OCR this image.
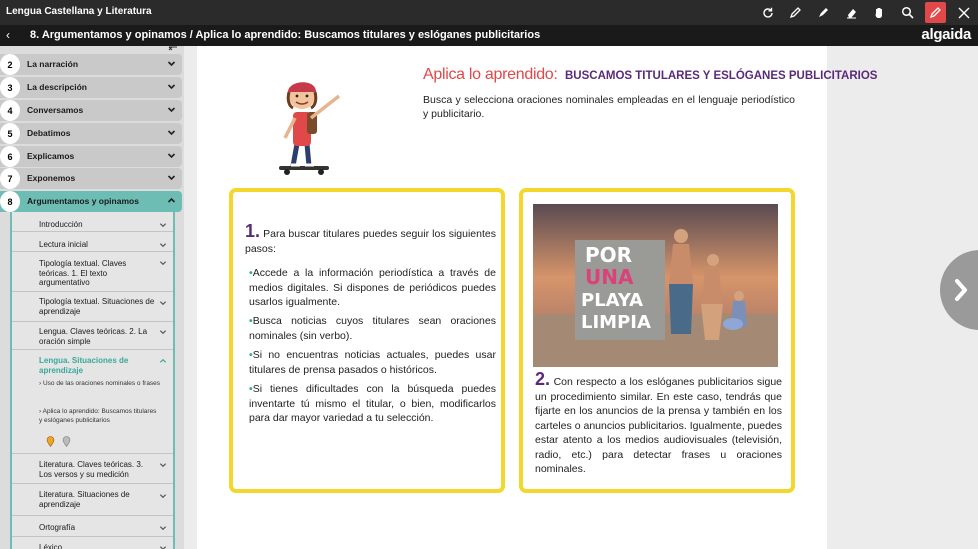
Lengua Castellana y Literatura
‹ 8. Argumentamos y opinamos / Aplica lo aprendido: Buscamos titulares y eslóganes publicitarios	algaida
2	La narración
3	La descripción
4	Conversamos
5	Debatimos
6	Explicamos
7	Exponemos
8	Argumentamos y opinamos
Introducción
Lectura inicial
Tipología textual. Claves teóricas. 1. El texto argumentativo
Tipología textual. Situaciones de aprendizaje
Lengua. Claves teóricas. 2. La oración simple
Lengua. Situaciones de aprendizaje
› Uso de las oraciones nominales o frases
› Aplica lo aprendido: Buscamos titulares y eslóganes publicitarios
Literatura. Claves teóricas. 3. Los versos y su medición
Literatura. Situaciones de aprendizaje
Ortografía
Léxico
Aplica lo aprendido: BUSCAMOS TITULARES Y ESLÓGANES PUBLICITARIOS

Busca y selecciona oraciones nominales empleadas en el lenguaje periodístico y publicitario.

1. Para buscar titulares puedes seguir los siguientes pasos:

•Accede a la información periodística a través de medios digitales. Si dispones de periódicos puedes usarlos igualmente.

•Busca noticias cuyos titulares sean oraciones nominales (sin verbo).

•Si no encuentras noticias actuales, puedes usar titulares de prensa pasados o históricos.

•Si tienes dificultades con la búsqueda puedes inventarte tú mismo el titular, o bien, modificarlos para dar mayor variedad a tu selección.

POR
UNA
PLAYA
LIMPIA

2. Con respecto a los eslóganes publicitarios sigue un procedimiento similar. En este caso, tendrás que fijarte en los anuncios de la prensa y también en los carteles o anuncios publicitarios. Igualmente, puedes estar atento a los medios audiovisuales (televisión, radio, etc.) para detectar frases u oraciones nominales.
